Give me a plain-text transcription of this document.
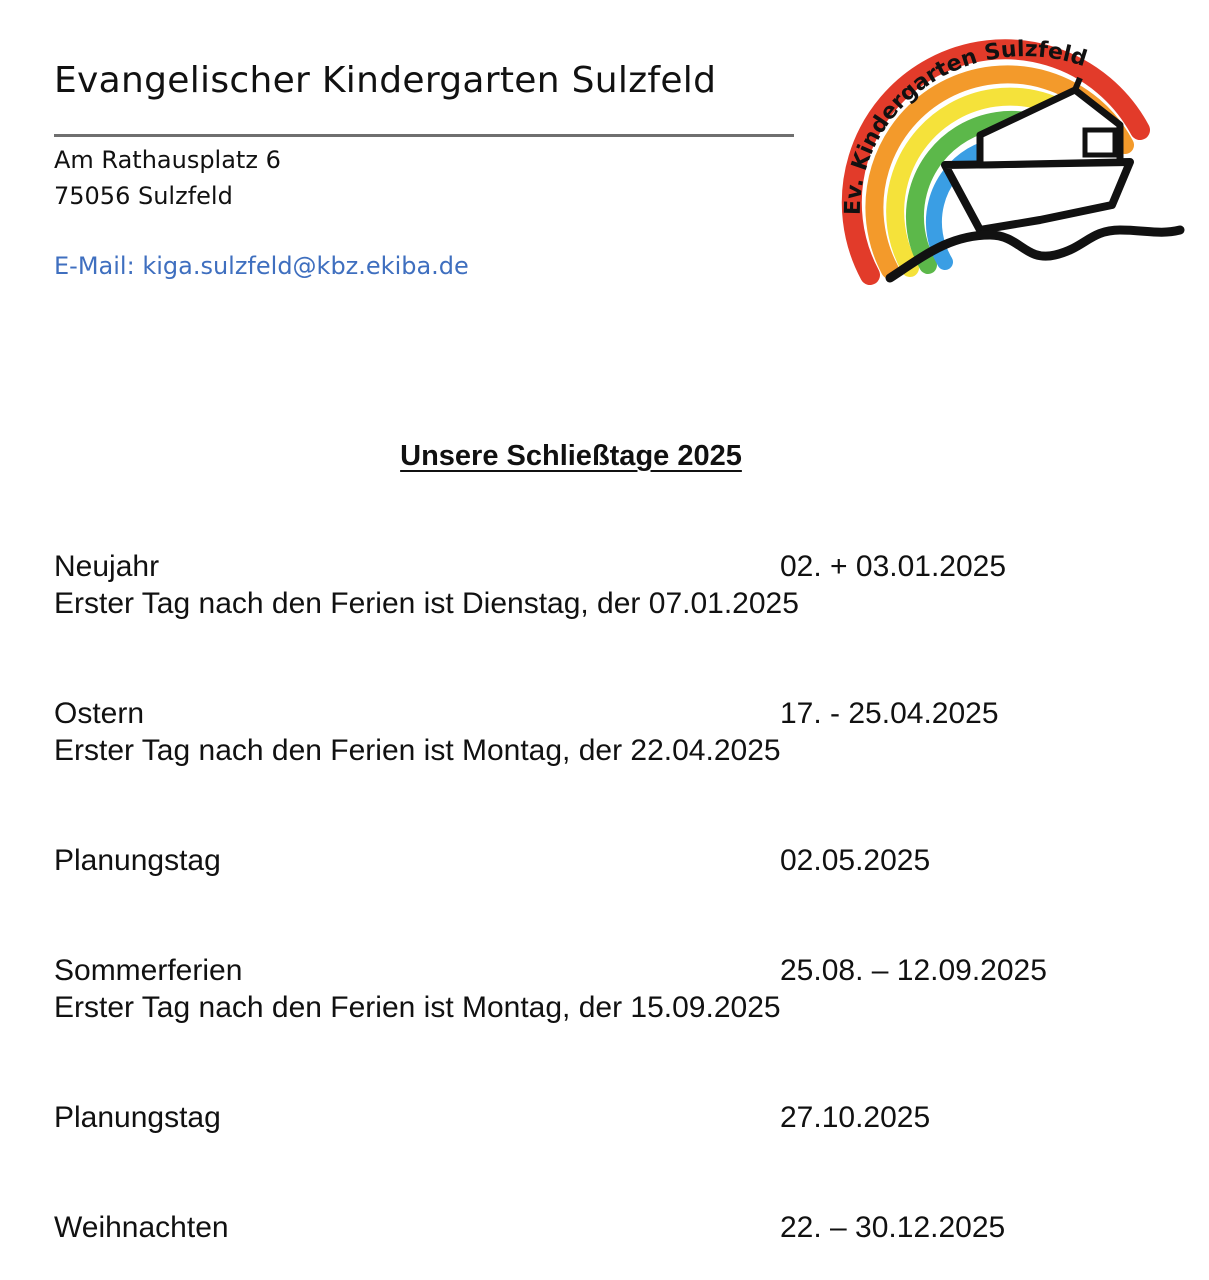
Evangelischer Kindergarten Sulzfeld
Am Rathausplatz 6
75056 Sulzfeld
E-Mail: kiga.sulzfeld@kbz.ekiba.de
Ev. Kindergarten Sulzfeld
Unsere Schließtage 2025
Neujahr	02. + 03.01.2025
Erster Tag nach den Ferien ist Dienstag, der 07.01.2025
Ostern	17. - 25.04.2025
Erster Tag nach den Ferien ist Montag, der 22.04.2025
Planungstag	02.05.2025
Sommerferien	25.08. – 12.09.2025
Erster Tag nach den Ferien ist Montag, der 15.09.2025
Planungstag	27.10.2025
Weihnachten	22. – 30.12.2025
